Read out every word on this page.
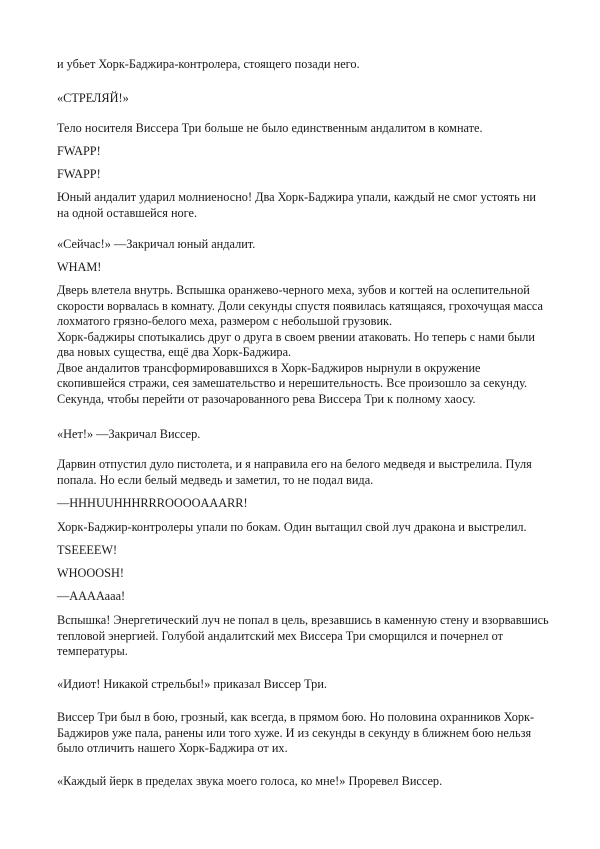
и убьет Хорк-Баджира-контролера, стоящего позади него.
«СТРЕЛЯЙ!»
Тело носителя Виссера Три больше не было единственным андалитом в комнате.
FWAPP!
FWAPP!
Юный андалит ударил молниеносно! Два Хорк-Баджира упали, каждый не смог устоять ни
на одной оставшейся ноге.
«Сейчас!» —Закричал юный андалит.
WHAM!
Дверь влетела внутрь. Вспышка оранжево-черного меха, зубов и когтей на ослепительной
скорости ворвалась в комнату. Доли секунды спустя появилась катящаяся, грохочущая масса
лохматого грязно-белого меха, размером с небольшой грузовик.
Хорк-баджиры спотыкались друг о друга в своем рвении атаковать. Но теперь с нами были
два новых существа, ещё два Хорк-Баджира.
Двое андалитов трансформировавшихся в Хорк-Баджиров нырнули в окружение
скопившейся стражи, сея замешательство и нерешительность. Все произошло за секунду.
Секунда, чтобы перейти от разочарованного рева Виссера Три к полному хаосу.
«Нет!» —Закричал Виссер.
Дарвин отпустил дуло пистолета, и я направила его на белого медведя и выстрелила. Пуля
попала. Но если белый медведь и заметил, то не подал вида.
—ННHUUHHHRRROOOOAAARR!
Хорк-Баджир-контролеры упали по бокам. Один вытащил свой луч дракона и выстрелил.
TSEEEEW!
WHOOOSH!
—ААААааа!
Вспышка! Энергетический луч не попал в цель, врезавшись в каменную стену и взорвавшись
тепловой энергией. Голубой андалитский мех Виссера Три сморщился и почернел от
температуры.
«Идиот! Никакой стрельбы!» приказал Виссер Три.
Виссер Три был в бою, грозный, как всегда, в прямом бою. Но половина охранников Хорк-
Баджиров уже пала, ранены или того хуже. И из секунды в секунду в ближнем бою нельзя
было отличить нашего Хорк-Баджира от их.
«Каждый йерк в пределах звука моего голоса, ко мне!» Проревел Виссер.
